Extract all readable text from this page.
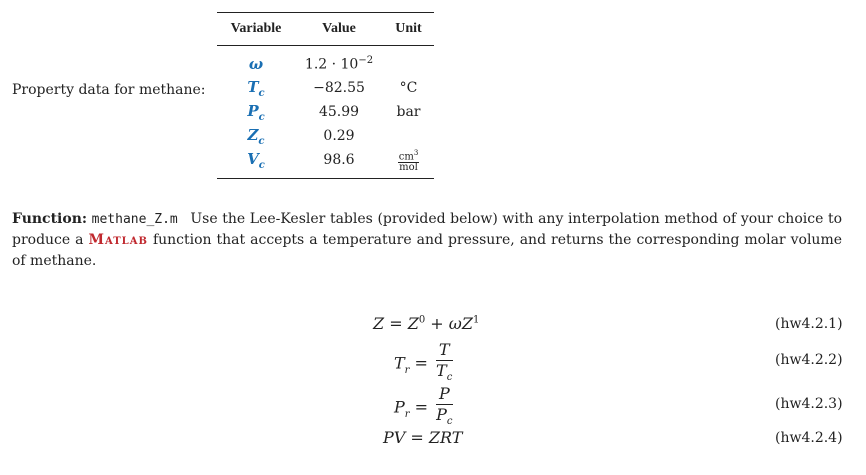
Property data for methane:
Variable	Value	Unit
ω	$1.2 \cdot 10^{-2}$
$T_c$	−82.55	°C
$P_c$	45.99	bar
$Z_c$	0.29
$V_c$	98.6	$\frac{cm^3}{\text{mol}}$
Function: methane_Z.m Use the Lee-Kesler tables (provided below) with any interpolation method of your choice to produce a Matlab function that accepts a temperature and pressure, and returns the corresponding molar volume of methane.
$Z = Z^0 + \omega Z^1$	(hw4.2.1)
$T_r = \frac{T}{T_c}$	(hw4.2.2)
$P_r = \frac{P}{P_c}$	(hw4.2.3)
PV = ZRT	(hw4.2.4)
